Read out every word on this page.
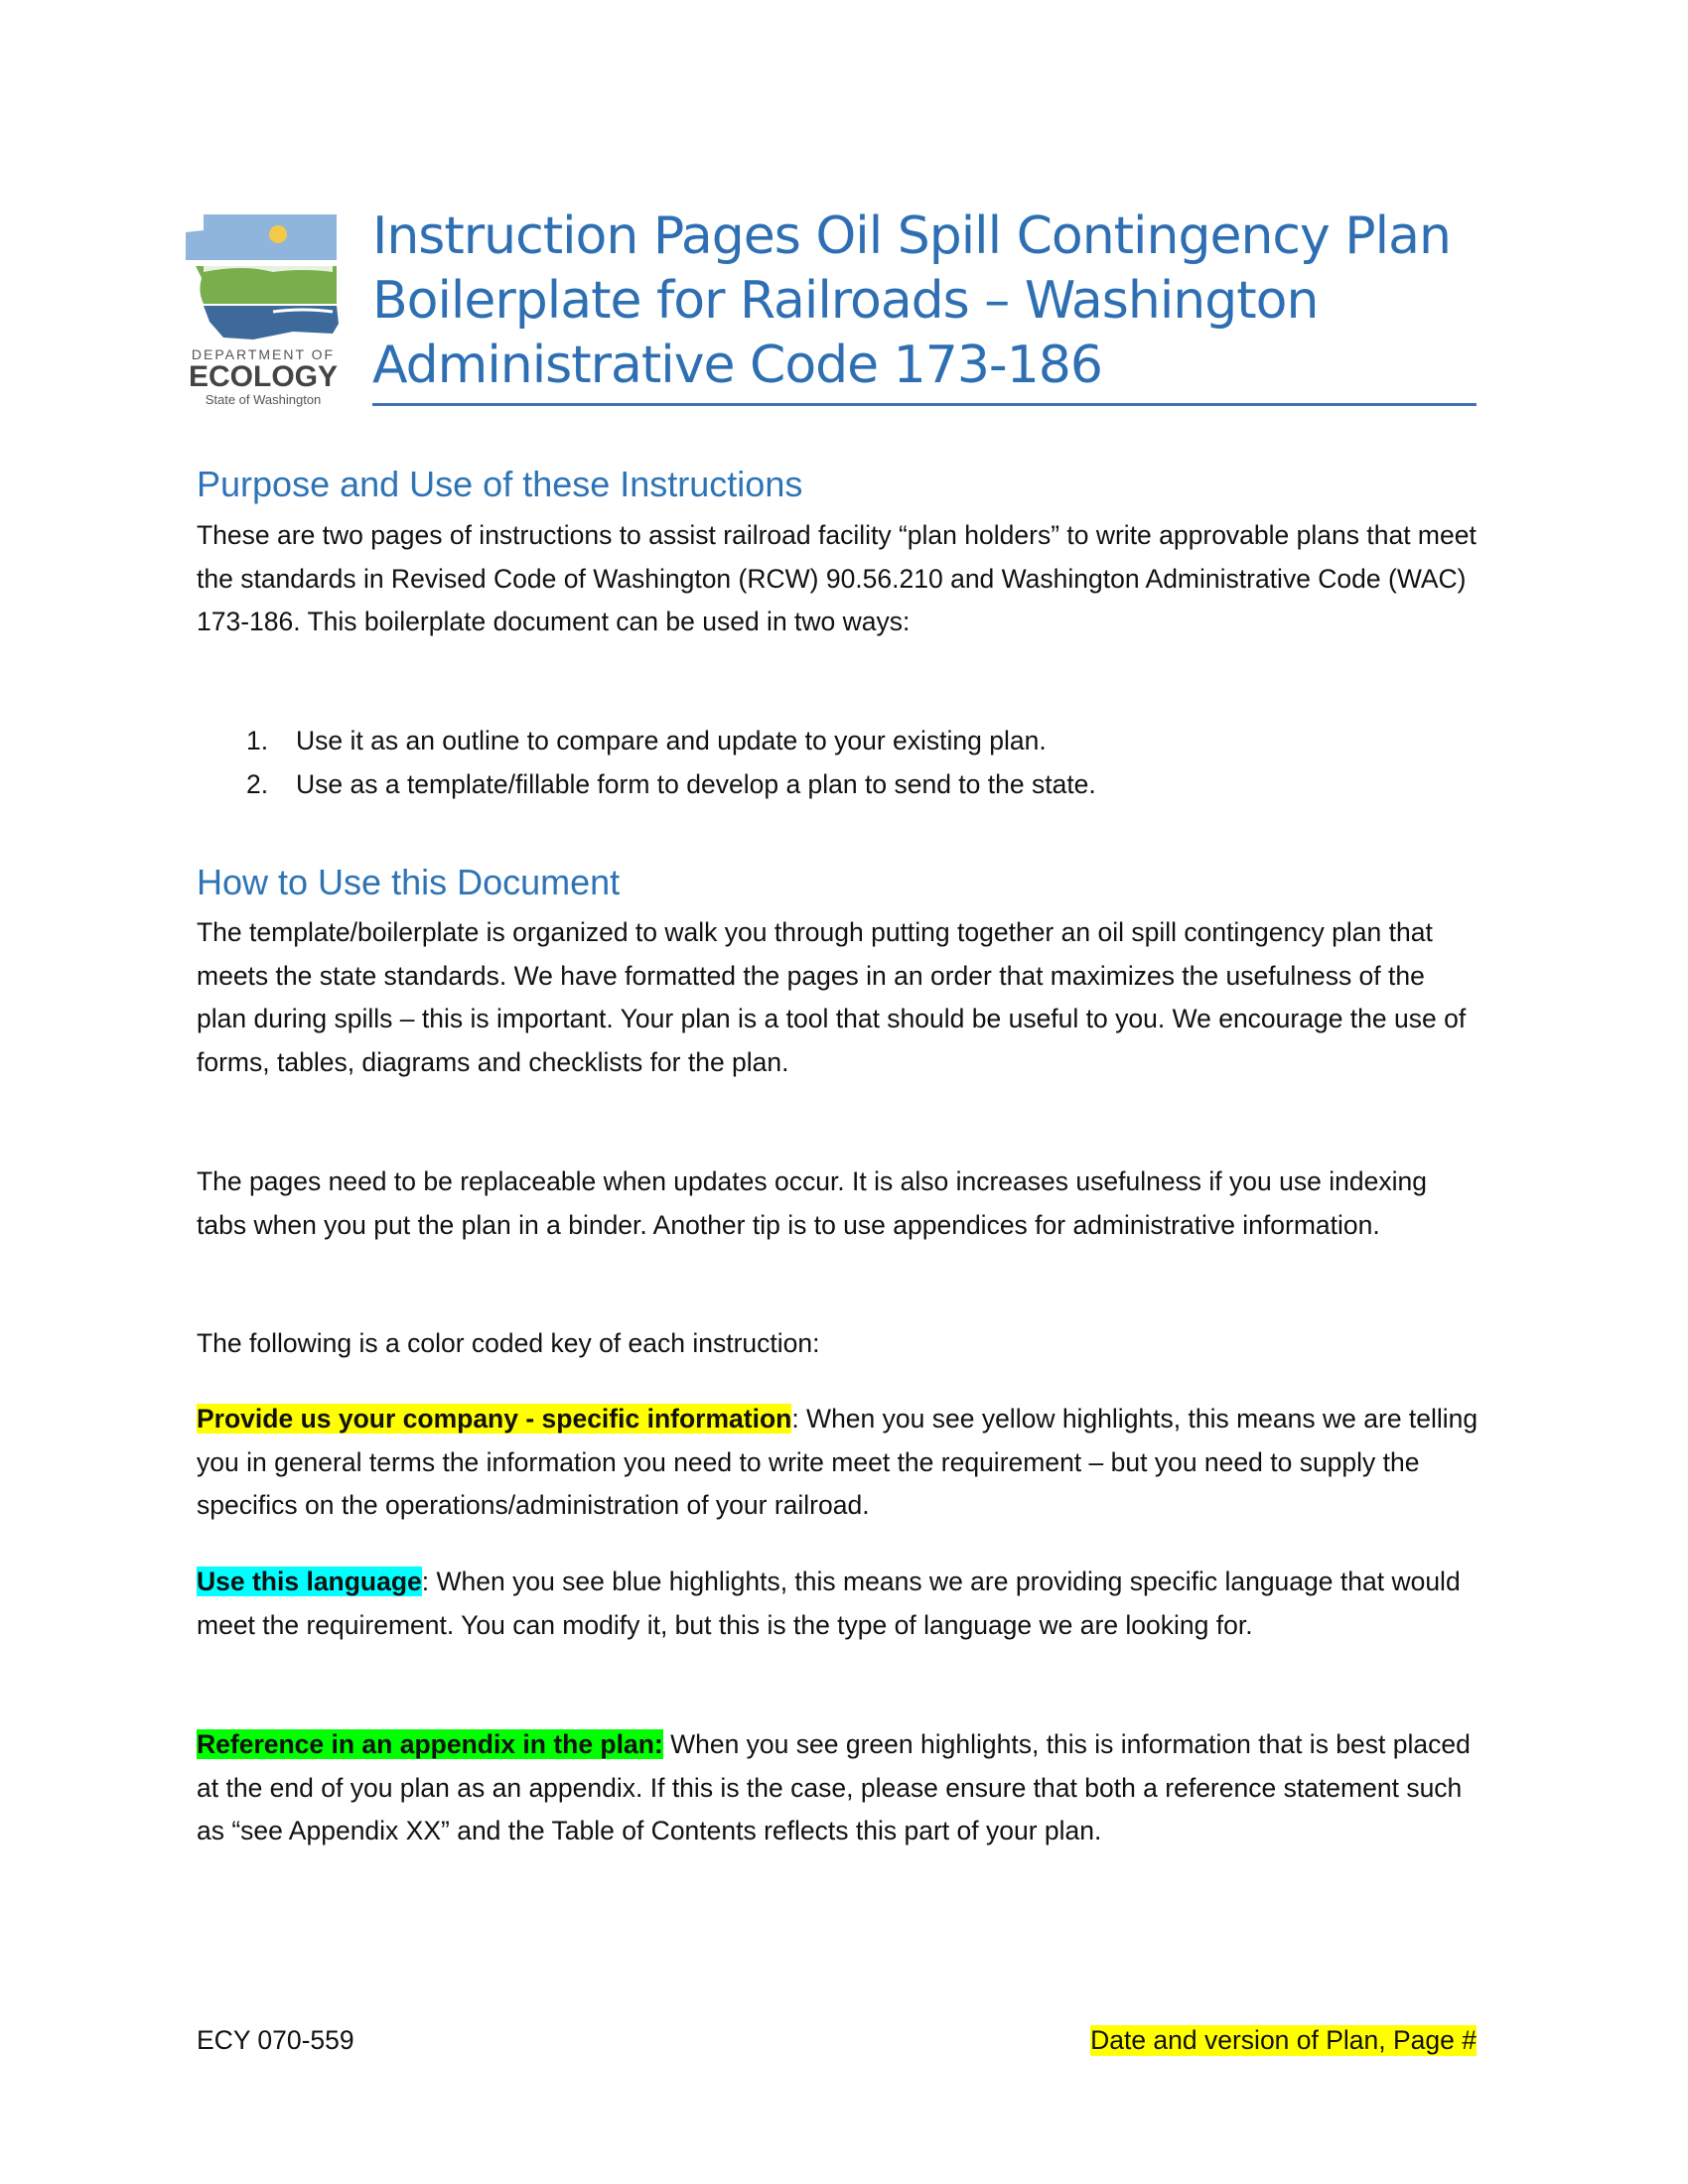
DEPARTMENT OF
ECOLOGY
State of Washington
Instruction Pages Oil Spill Contingency Plan Boilerplate for Railroads – Washington Administrative Code 173-186
Purpose and Use of these Instructions

These are two pages of instructions to assist railroad facility “plan holders” to write approvable plans that meet the standards in Revised Code of Washington (RCW) 90.56.210 and Washington Administrative Code (WAC) 173-186. This boilerplate document can be used in two ways:

1. Use it as an outline to compare and update to your existing plan.
2. Use as a template/fillable form to develop a plan to send to the state.
How to Use this Document

The template/boilerplate is organized to walk you through putting together an oil spill contingency plan that meets the state standards. We have formatted the pages in an order that maximizes the usefulness of the plan during spills – this is important. Your plan is a tool that should be useful to you. We encourage the use of forms, tables, diagrams and checklists for the plan.

The pages need to be replaceable when updates occur. It is also increases usefulness if you use indexing tabs when you put the plan in a binder. Another tip is to use appendices for administrative information.

The following is a color coded key of each instruction:

Provide us your company - specific information: When you see yellow highlights, this means we are telling you in general terms the information you need to write meet the requirement – but you need to supply the specifics on the operations/administration of your railroad.

Use this language: When you see blue highlights, this means we are providing specific language that would meet the requirement. You can modify it, but this is the type of language we are looking for.

Reference in an appendix in the plan: When you see green highlights, this is information that is best placed at the end of you plan as an appendix. If this is the case, please ensure that both a reference statement such as “see Appendix XX” and the Table of Contents reflects this part of your plan.

ECY 070-559	Date and version of Plan, Page #
